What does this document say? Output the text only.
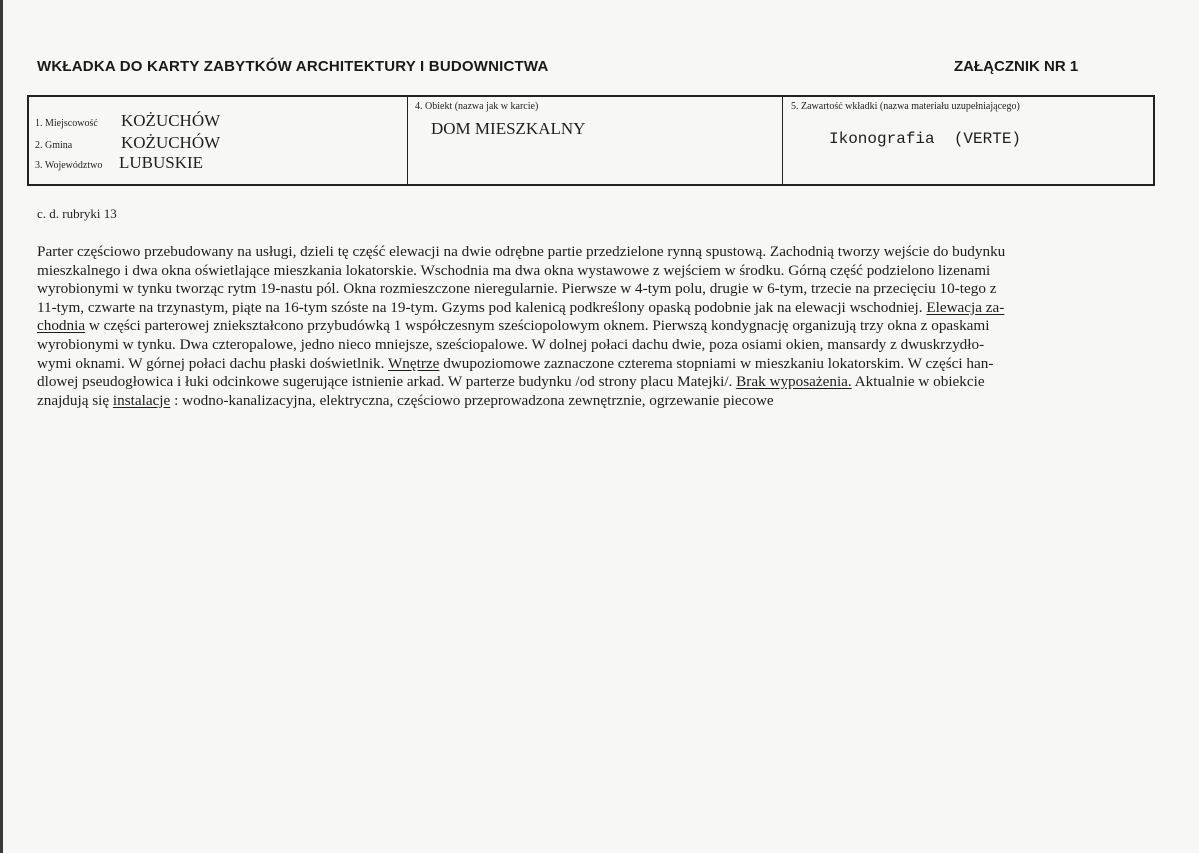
WKŁADKA DO KARTY ZABYTKÓW ARCHITEKTURY I BUDOWNICTWA	ZAŁĄCZNIK NR 1
1. Miejscowość KOŻUCHÓW
2. Gmina	KOŻUCHÓW
3. Województwo LUBUSKIE
4. Obiekt (nazwa jak w karcie)
DOM MIESZKALNY
5. Zawartość wkładki (nazwa materiału uzupełniającego)
Ikonografia  (VERTE)
c. d. rubryki 13
Parter częściowo przebudowany na usługi, dzieli tę część elewacji na dwie odrębne partie przedzielone rynną spustową. Zachodnią tworzy wejście do budynku
mieszkalnego i dwa okna oświetlające mieszkania lokatorskie. Wschodnia ma dwa okna wystawowe z wejściem w środku. Górną część podzielono lizenami
wyrobionymi w tynku tworząc rytm 19-nastu pól. Okna rozmieszczone nieregularnie. Pierwsze w 4-tym polu, drugie w 6-tym, trzecie na przecięciu 10-tego z
11-tym, czwarte na trzynastym, piąte na 16-tym szóste na 19-tym. Gzyms pod kalenicą podkreślony opaską podobnie jak na elewacji wschodniej. Elewacja za-
chodnia w części parterowej zniekształcono przybudówką 1 współczesnym sześciopolowym oknem. Pierwszą kondygnację organizują trzy okna z opaskami
wyrobionymi w tynku. Dwa czteropalowe, jedno nieco mniejsze, sześciopalowe. W dolnej połaci dachu dwie, poza osiami okien, mansardy z dwuskrzydło-
wymi oknami. W górnej połaci dachu płaski doświetlnik. Wnętrze dwupoziomowe zaznaczone czterema stopniami w mieszkaniu lokatorskim. W części han-
dlowej pseudogłowica i łuki odcinkowe sugerujące istnienie arkad. W parterze budynku /od strony placu Matejki/. Brak wyposażenia. Aktualnie w obiekcie
znajdują się instalacje : wodno-kanalizacyjna, elektryczna, częściowo przeprowadzona zewnętrznie, ogrzewanie piecowe
